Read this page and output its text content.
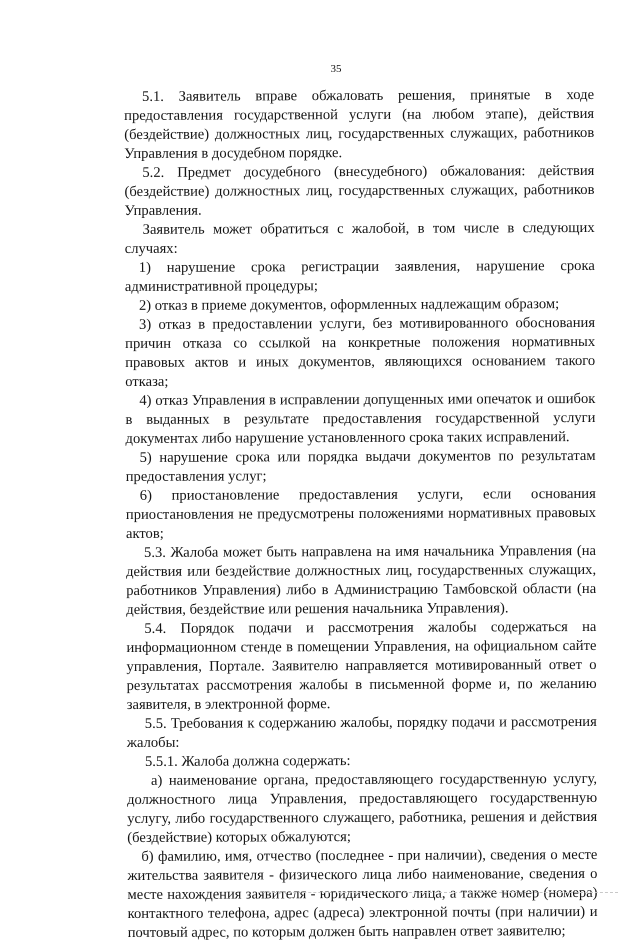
35

5.1. Заявитель вправе обжаловать решения, принятые в ходе предоставления государственной услуги (на любом этапе), действия (бездействие) должностных лиц, государственных служащих, работников Управления в досудебном порядке.

5.2. Предмет досудебного (внесудебного) обжалования: действия (бездействие) должностных лиц, государственных служащих, работников Управления.

Заявитель может обратиться с жалобой, в том числе в следующих случаях:

1) нарушение срока регистрации заявления, нарушение срока административной процедуры;

2) отказ в приеме документов, оформленных надлежащим образом;

3) отказ в предоставлении услуги, без мотивированного обоснования причин отказа со ссылкой на конкретные положения нормативных правовых актов и иных документов, являющихся основанием такого отказа;

4) отказ Управления в исправлении допущенных ими опечаток и ошибок в выданных в результате предоставления государственной услуги документах либо нарушение установленного срока таких исправлений.

5) нарушение срока или порядка выдачи документов по результатам предоставления услуг;

6) приостановление предоставления услуги, если основания приостановления не предусмотрены положениями нормативных правовых актов;

5.3. Жалоба может быть направлена на имя начальника Управления (на действия или бездействие должностных лиц, государственных служащих, работников Управления) либо в Администрацию Тамбовской области (на действия, бездействие или решения начальника Управления).

5.4. Порядок подачи и рассмотрения жалобы содержаться на информационном стенде в помещении Управления, на официальном сайте управления, Портале. Заявителю направляется мотивированный ответ о результатах рассмотрения жалобы в письменной форме и, по желанию заявителя, в электронной форме.

5.5. Требования к содержанию жалобы, порядку подачи и рассмотрения жалобы:

5.5.1. Жалоба должна содержать:

а) наименование органа, предоставляющего государственную услугу, должностного лица Управления, предоставляющего государственную услугу, либо государственного служащего, работника, решения и действия (бездействие) которых обжалуются;

б) фамилию, имя, отчество (последнее - при наличии), сведения о месте жительства заявителя - физического лица либо наименование, сведения о месте нахождения заявителя - юридического лица, а также номер (номера) контактного телефона, адрес (адреса) электронной почты (при наличии) и почтовый адрес, по которым должен быть направлен ответ заявителю;
